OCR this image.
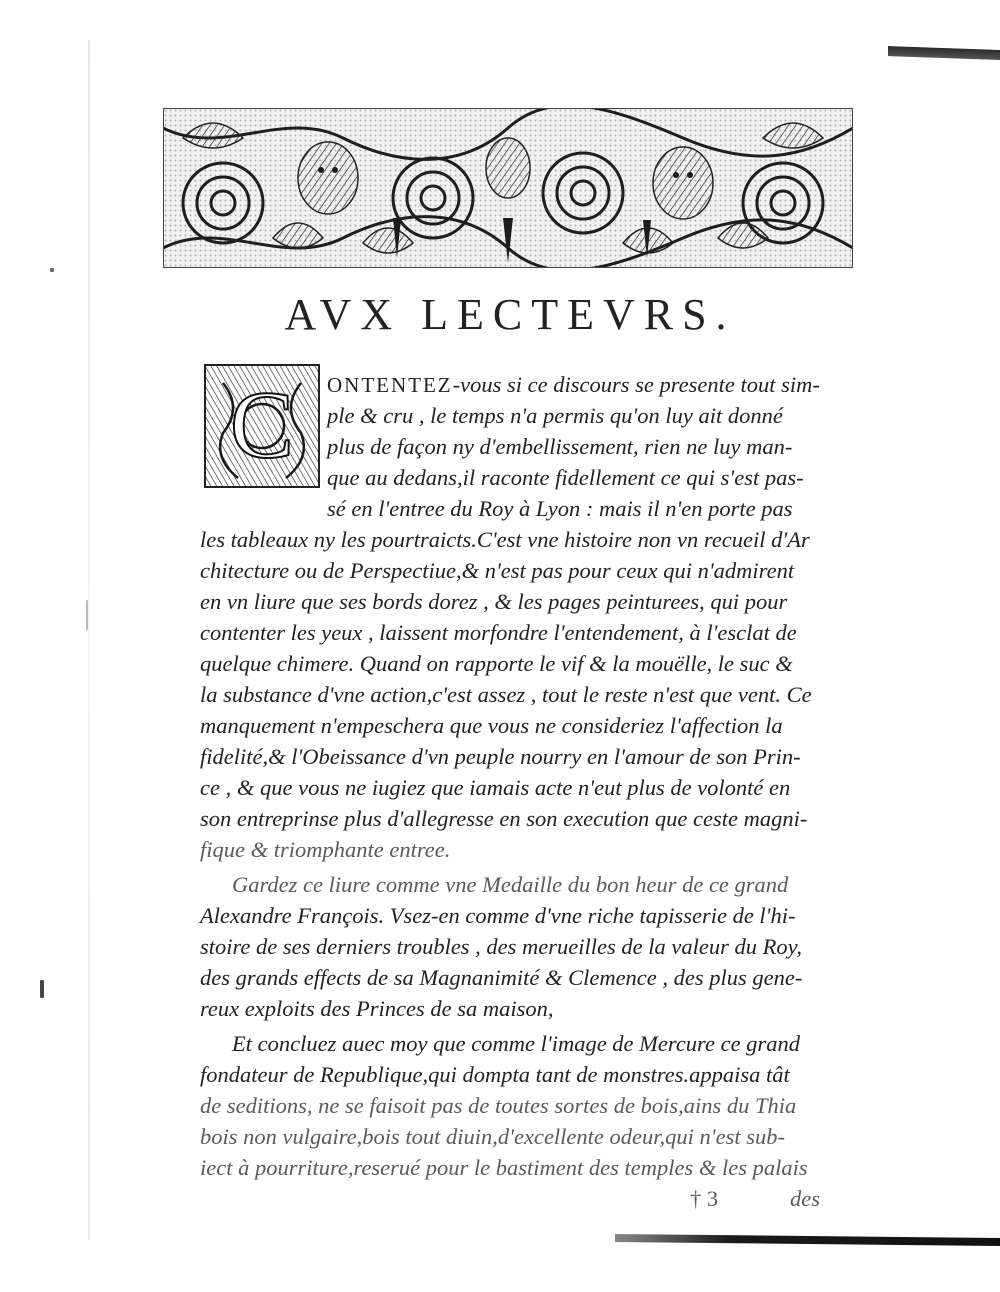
AVX LECTEVRS.
C ONTENTEZ-vous si ce discours se presente tout sim-
ple & cru , le temps n'a permis qu'on luy ait donné
plus de façon ny d'embellissement, rien ne luy man-
que au dedans,il raconte fidellement ce qui s'est pas-
sé en l'entree du Roy à Lyon : mais il n'en porte pas
les tableaux ny les pourtraicts.C'est vne histoire non vn recueil d'Ar
chitecture ou de Perspectiue,& n'est pas pour ceux qui n'admirent
en vn liure que ses bords dorez , & les pages peinturees, qui pour
contenter les yeux , laissent morfondre l'entendement, à l'esclat de
quelque chimere. Quand on rapporte le vif & la mouëlle, le suc &
la substance d'vne action,c'est assez , tout le reste n'est que vent. Ce
manquement n'empeschera que vous ne consideriez l'affection la
fidelité,& l'Obeissance d'vn peuple nourry en l'amour de son Prin-
ce , & que vous ne iugiez que iamais acte n'eut plus de volonté en
son entreprinse plus d'allegresse en son execution que ceste magni-
fique & triomphante entree.
Gardez ce liure comme vne Medaille du bon heur de ce grand
Alexandre François. Vsez-en comme d'vne riche tapisserie de l'hi-
stoire de ses derniers troubles , des merueilles de la valeur du Roy,
des grands effects de sa Magnanimité & Clemence , des plus gene-
reux exploits des Princes de sa maison,
Et concluez auec moy que comme l'image de Mercure ce grand
fondateur de Republique,qui dompta tant de monstres.appaisa tât
de seditions, ne se faisoit pas de toutes sortes de bois,ains du Thia
bois non vulgaire,bois tout diuin,d'excellente odeur,qui n'est sub-
iect à pourriture,reserué pour le bastiment des temples & les palais
† 3	des
